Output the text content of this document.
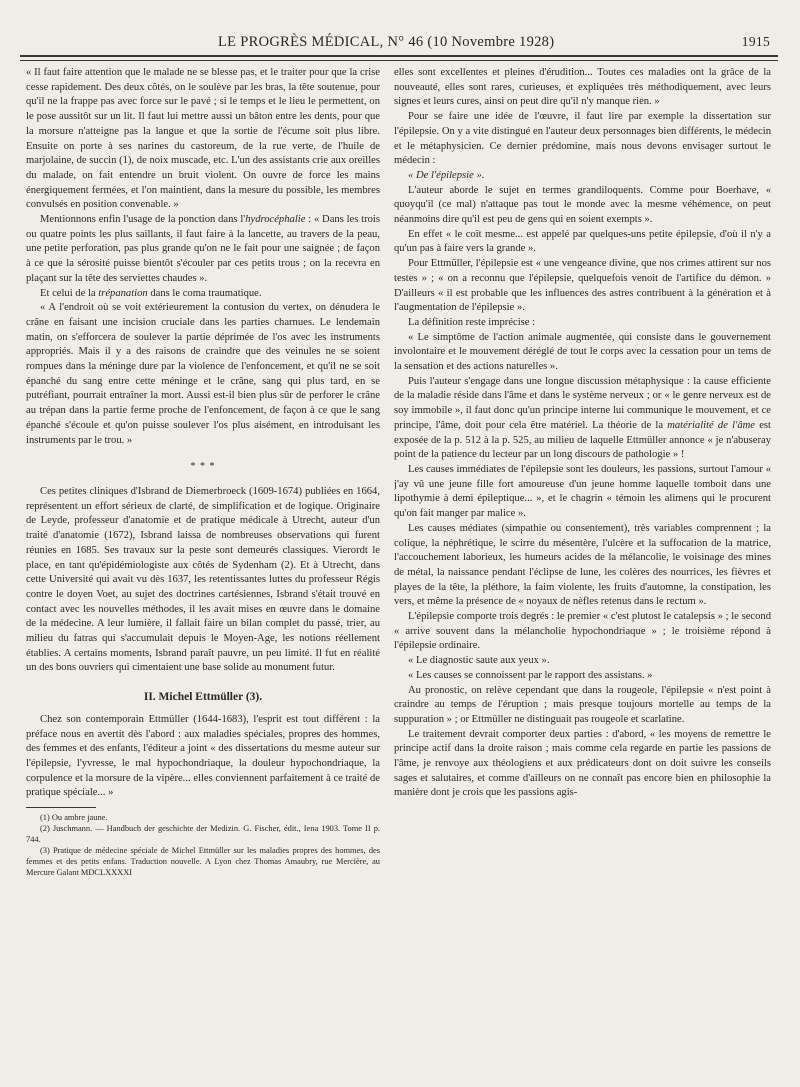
LE PROGRÈS MÉDICAL, N° 46 (10 Novembre 1928)	1915

« Il faut faire attention que le malade ne se blesse pas, et le traiter pour que la crise cesse rapidement. Des deux côtés, on le soulève par les bras, la tête soutenue, pour qu'il ne la frappe pas avec force sur le pavé ; si le temps et le lieu le permettent, on le pose aussitôt sur un lit. Il faut lui mettre aussi un bâton entre les dents, pour que la morsure n'atteigne pas la langue et que la sortie de l'écume soit plus libre. Ensuite on porte à ses narines du castoreum, de la rue verte, de l'huile de marjolaine, de succin (1), de noix muscade, etc. L'un des assistants crie aux oreilles du malade, on fait entendre un bruit violent. On ouvre de force les mains énergiquement fermées, et l'on maintient, dans la mesure du possible, les membres convulsés en position convenable. »

Mentionnons enfin l'usage de la ponction dans l'hydrocéphalie : « Dans les trois ou quatre points les plus saillants, il faut faire à la lancette, au travers de la peau, une petite perforation, pas plus grande qu'on ne le fait pour une saignée ; de façon à ce que la sérosité puisse bientôt s'écouler par ces petits trous ; on la recevra en plaçant sur la tête des serviettes chaudes ».

Et celui de la trépanation dans le coma traumatique.

« A l'endroit où se voit extérieurement la contusion du vertex, on dénudera le crâne en faisant une incision cruciale dans les parties charnues. Le lendemain matin, on s'efforcera de soulever la partie déprimée de l'os avec les instruments appropriés. Mais il y a des raisons de craindre que des veinules ne se soient rompues dans la méninge dure par la violence de l'enfoncement, et qu'il ne se soit épanché du sang entre cette méninge et le crâne, sang qui plus tard, en se putréfiant, pourrait entraîner la mort. Aussi est-il bien plus sûr de perforer le crâne au trépan dans la partie ferme proche de l'enfoncement, de façon à ce que le sang épanché s'écoule et qu'on puisse soulever l'os plus aisément, en introduisant les instruments par le trou. »

* * *

Ces petites cliniques d'Isbrand de Diemerbroeck (1609-1674) publiées en 1664, représentent un effort sérieux de clarté, de simplification et de logique. Originaire de Leyde, professeur d'anatomie et de pratique médicale à Utrecht, auteur d'un traité d'anatomie (1672), Isbrand laissa de nombreuses observations qui furent réunies en 1685. Ses travaux sur la peste sont demeurés classiques. Vierordt le place, en tant qu'épidémiologiste aux côtés de Sydenham (2). Et à Utrecht, dans cette Université qui avait vu dès 1637, les retentissantes luttes du professeur Régis contre le doyen Voet, au sujet des doctrines cartésiennes, Isbrand s'était trouvé en contact avec les nouvelles méthodes, il les avait mises en œuvre dans le domaine de la médecine. A leur lumière, il fallait faire un bilan complet du passé, trier, au milieu du fatras qui s'accumulait depuis le Moyen-Age, les notions réellement établies. A certains moments, Isbrand paraît pauvre, un peu limité. Il fut en réalité un des bons ouvriers qui cimentaient une base solide au monument futur.

II. Michel Ettmüller (3).

Chez son contemporain Ettmüller (1644-1683), l'esprit est tout différent : la préface nous en avertit dès l'abord : aux maladies spéciales, propres des hommes, des femmes et des enfants, l'éditeur a joint « des dissertations du mesme auteur sur l'épilepsie, l'yvresse, le mal hypochondriaque, la douleur hypochondriaque, la corpulence et la morsure de la vipère... elles conviennent parfaitement à ce traité de pratique spéciale... »

(1) Ou ambre jaune.

(2) Juschmann. — Handbuch der geschichte der Medizin. G. Fischer, édit., Iena 1903. Tome II p. 744.

(3) Pratique de médecine spéciale de Michel Ettmüller sur les maladies propres des hommes, des femmes et des petits enfans. Traduction nouvelle. A Lyon chez Thomas Amaubry, rue Mercière, au Mercure Galant MDCLXXXXI

elles sont excellentes et pleines d'érudition... Toutes ces maladies ont la grâce de la nouveauté, elles sont rares, curieuses, et expliquées très méthodiquement, avec leurs signes et leurs cures, ainsi on peut dire qu'il n'y manque rien. »

Pour se faire une idée de l'œuvre, il faut lire par exemple la dissertation sur l'épilepsie. On y a vite distingué en l'auteur deux personnages bien différents, le médecin et le métaphysicien. Ce dernier prédomine, mais nous devons envisager surtout le médecin :

« De l'épilepsie ».

L'auteur aborde le sujet en termes grandiloquents. Comme pour Boerhave, « quoyqu'il (ce mal) n'attaque pas tout le monde avec la mesme véhémence, on peut néanmoins dire qu'il est peu de gens qui en soient exempts ».

En effet « le coït mesme... est appelé par quelques-uns petite épilepsie, d'où il n'y a qu'un pas à faire vers la grande ».

Pour Ettmüller, l'épilepsie est « une vengeance divine, que nos crimes attirent sur nos testes » ; « on a reconnu que l'épilepsie, quelquefois venoit de l'artifice du démon. » D'ailleurs « il est probable que les influences des astres contribuent à la génération et à l'augmentation de l'épilepsie ».

La définition reste imprécise :

« Le simptôme de l'action animale augmentée, qui consiste dans le gouvernement involontaire et le mouvement déréglé de tout le corps avec la cessation pour un tems de la sensation et des actions naturelles ».

Puis l'auteur s'engage dans une longue discussion métaphysique : la cause efficiente de la maladie réside dans l'âme et dans le système nerveux ; or « le genre nerveux est de soy immobile », il faut donc qu'un principe interne lui communique le mouvement, et ce principe, l'âme, doit pour cela être matériel. La théorie de la matérialité de l'âme est exposée de la p. 512 à la p. 525, au milieu de laquelle Ettmüller annonce « je n'abuseray point de la patience du lecteur par un long discours de pathologie » !

Les causes immédiates de l'épilepsie sont les douleurs, les passions, surtout l'amour « j'ay vû une jeune fille fort amoureuse d'un jeune homme laquelle tomboit dans une lipothymie à demi épileptique... », et le chagrin « témoin les alimens qui le procurent qu'on fait manger par malice ».

Les causes médiates (simpathie ou consentement), très variables comprennent ; la colique, la néphrétique, le scirre du mésentère, l'ulcère et la suffocation de la matrice, l'accouchement laborieux, les humeurs acides de la mélancolie, le voisinage des mines de métal, la naissance pendant l'éclipse de lune, les colères des nourrices, les fièvres et playes de la tête, la pléthore, la faim violente, les fruits d'automne, la constipation, les vers, et même la présence de « noyaux de nèfles retenus dans le rectum ».

L'épilepsie comporte trois degrés : le premier « c'est plutost le catalepsis » ; le second « arrive souvent dans la mélancholie hypochondriaque » ; le troisième répond à l'épilepsie ordinaire.

« Le diagnostic saute aux yeux ».

« Les causes se connoissent par le rapport des assistans. »

Au pronostic, on relève cependant que dans la rougeole, l'épilepsie « n'est point à craindre au temps de l'éruption ; mais presque toujours mortelle au temps de la suppuration » ; or Ettmüller ne distinguait pas rougeole et scarlatine.

Le traitement devrait comporter deux parties : d'abord, « les moyens de remettre le principe actif dans la droite raison ; mais comme cela regarde en partie les passions de l'âme, je renvoye aux théologiens et aux prédicateurs dont on doit suivre les conseils sages et salutaires, et comme d'ailleurs on ne connaît pas encore bien en philosophie la manière dont je crois que les passions agis-
